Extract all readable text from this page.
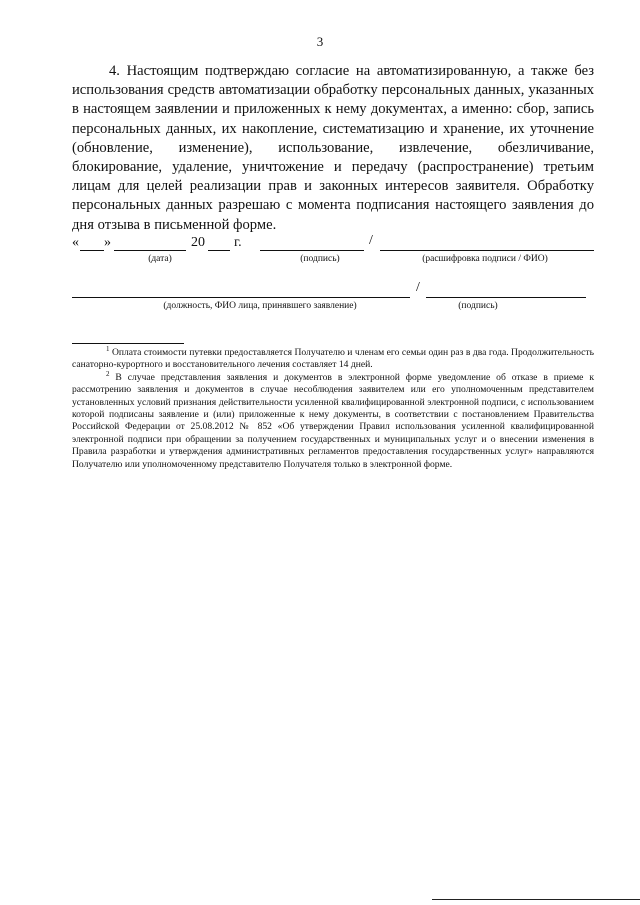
3

4. Настоящим подтверждаю согласие на автоматизированную, а также без использования средств автоматизации обработку персональных данных, указанных в настоящем заявлении и приложенных к нему документах, а именно: сбор, запись персональных данных, их накопление, систематизацию и хранение, их уточнение (обновление, изменение), использование, извлечение, обезличивание, блокирование, удаление, уничтожение и передачу (распространение) третьим лицам для целей реализации прав и законных интересов заявителя. Обработку персональных данных разрешаю с момента подписания настоящего заявления до дня отзыва в письменной форме.

« »	20 г.	/
(дата)	(подпись)	(расшифровка подписи / ФИО)
/
(должность, ФИО лица, принявшего заявление)	(подпись)

$^1$ Оплата стоимости путевки предоставляется Получателю и членам его семьи один раз в два года. Продолжительность санаторно-курортного и восстановительного лечения составляет 14 дней.

$^2$ В случае представления заявления и документов в электронной форме уведомление об отказе в приеме к рассмотрению заявления и документов в случае несоблюдения заявителем или его уполномоченным представителем установленных условий признания действительности усиленной квалифицированной электронной подписи, с использованием которой подписаны заявление и (или) приложенные к нему документы, в соответствии с постановлением Правительства Российской Федерации от 25.08.2012 № 852 «Об утверждении Правил использования усиленной квалифицированной электронной подписи при обращении за получением государственных и муниципальных услуг и о внесении изменения в Правила разработки и утверждения административных регламентов предоставления государственных услуг» направляются Получателю или уполномоченному представителю Получателя только в электронной форме.
